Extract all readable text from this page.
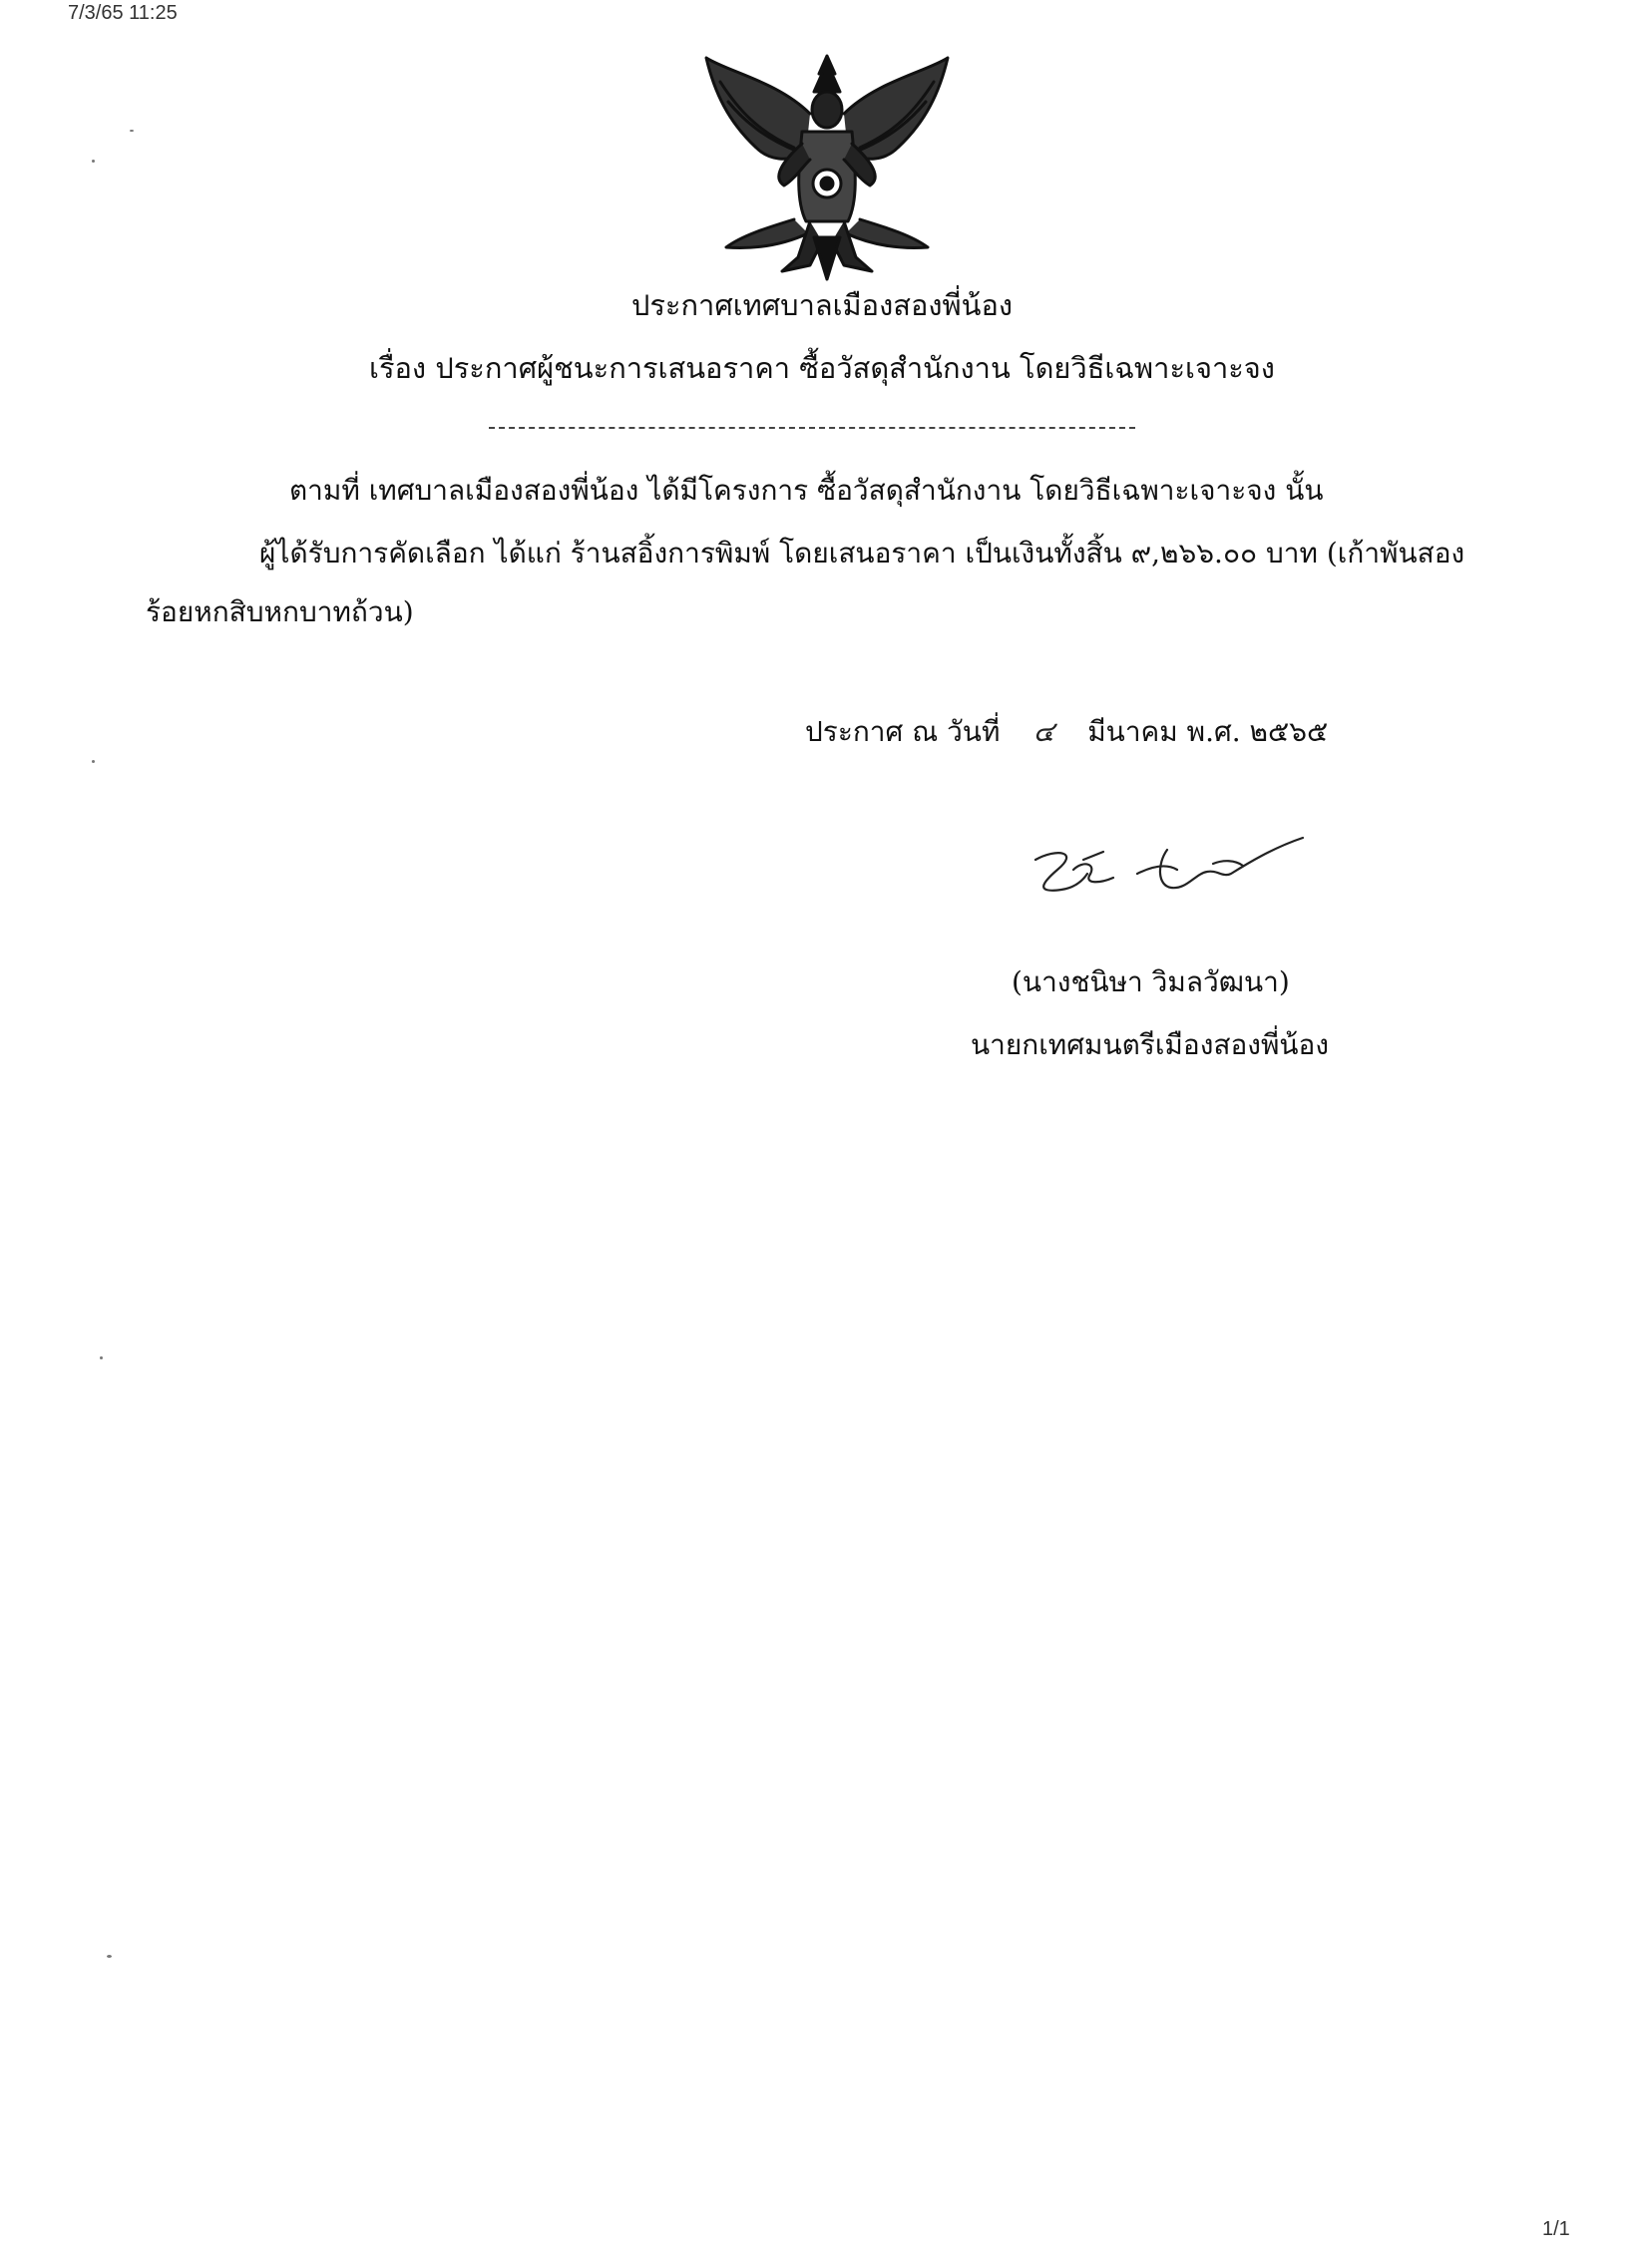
7/3/65 11:25
ประกาศเทศบาลเมืองสองพี่น้อง
เรื่อง ประกาศผู้ชนะการเสนอราคา ซื้อวัสดุสำนักงาน โดยวิธีเฉพาะเจาะจง
ตามที่ เทศบาลเมืองสองพี่น้อง ได้มีโครงการ ซื้อวัสดุสำนักงาน โดยวิธีเฉพาะเจาะจง นั้น
ผู้ได้รับการคัดเลือก ได้แก่ ร้านสอิ้งการพิมพ์ โดยเสนอราคา เป็นเงินทั้งสิ้น ๙,๒๖๖.๐๐ บาท (เก้าพันสอง
ร้อยหกสิบหกบาทถ้วน)
ประกาศ ณ วันที่ ๔ มีนาคม พ.ศ. ๒๕๖๕
(นางชนิษา วิมลวัฒนา)
นายกเทศมนตรีเมืองสองพี่น้อง
1/1
